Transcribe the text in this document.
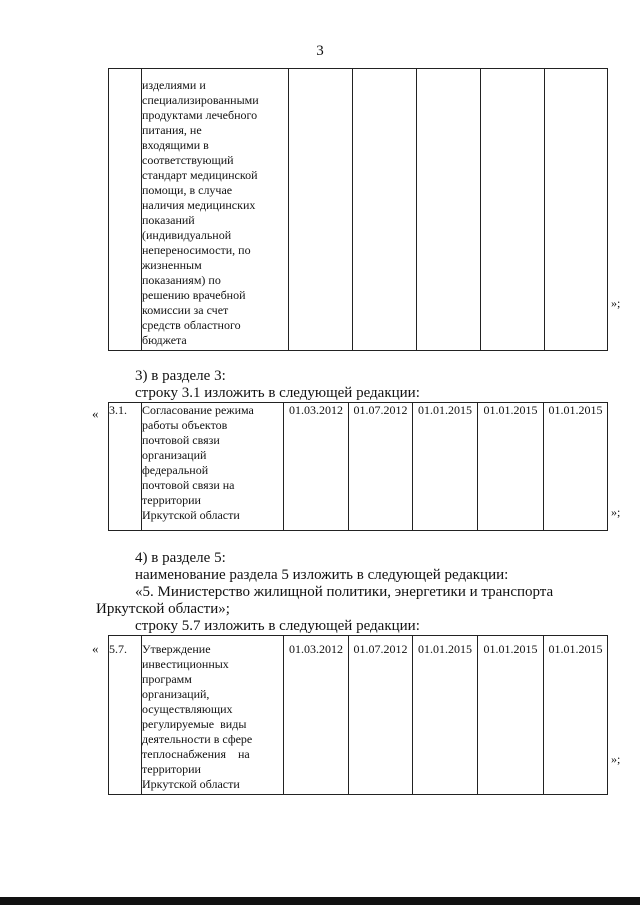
3

изделиями и
специализированными
продуктами лечебного
питания, не
входящими в
соответствующий
стандарт медицинской
помощи, в случае
наличия медицинских
показаний
(индивидуальной
непереносимости, по
жизненным
показаниям) по
решению врачебной
комиссии за счет
средств областного
бюджета

»;
3) в разделе 3:
строку 3.1 изложить в следующей редакции:
« 3.1.	Согласование режима
работы объектов
почтовой связи
организаций
федеральной
почтовой связи на
территории
Иркутской области
	01.03.2012	01.07.2012	01.01.2015	01.01.2015	01.01.2015
»;
4) в разделе 5:
наименование раздела 5 изложить в следующей редакции:
«5. Министерство жилищной политики, энергетики и транспорта
Иркутской области»;
строку 5.7 изложить в следующей редакции:
« 5.7.	Утверждение
инвестиционных
программ
организаций,
осуществляющих
регулируемые  виды
деятельности в сфере
теплоснабжения    на
территории
Иркутской области
	01.03.2012	01.07.2012	01.01.2015	01.01.2015	01.01.2015
»;
